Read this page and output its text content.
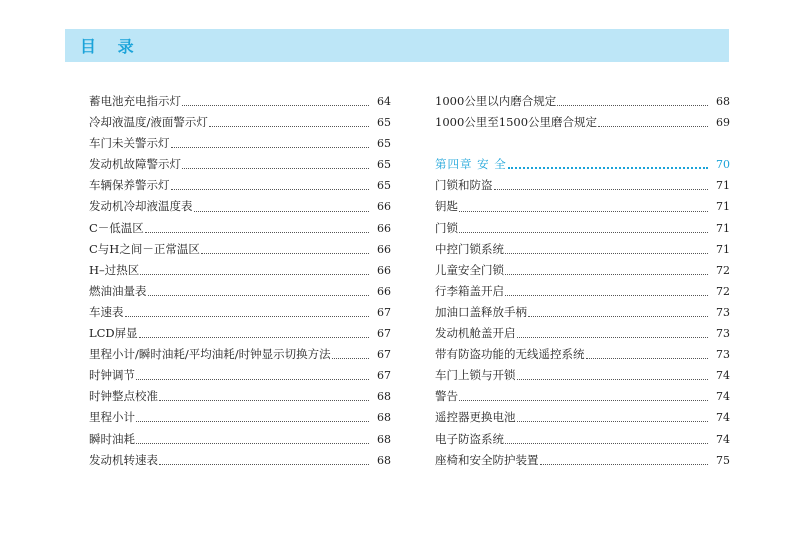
目 录
蓄电池充电指示灯	64
冷却液温度/液面警示灯	65
车门未关警示灯	65
发动机故障警示灯	65
车辆保养警示灯	65
发动机冷却液温度表	66
C－低温区	66
C与H之间－正常温区	66
H–过热区	66
燃油油量表	66
车速表	67
LCD屏显	67
里程小计/瞬时油耗/平均油耗/时钟显示切换方法	67
时钟调节	67
时钟整点校准	68
里程小计	68
瞬时油耗	68
发动机转速表	68
1000公里以内磨合规定	68
1000公里至1500公里磨合规定	69
第四章 安 全	70
门锁和防盗	71
钥匙	71
门锁	71
中控门锁系统	71
儿童安全门锁	72
行李箱盖开启	72
加油口盖释放手柄	73
发动机舱盖开启	73
带有防盗功能的无线遥控系统	73
车门上锁与开锁	74
警告	74
遥控器更换电池	74
电子防盗系统	74
座椅和安全防护装置	75
